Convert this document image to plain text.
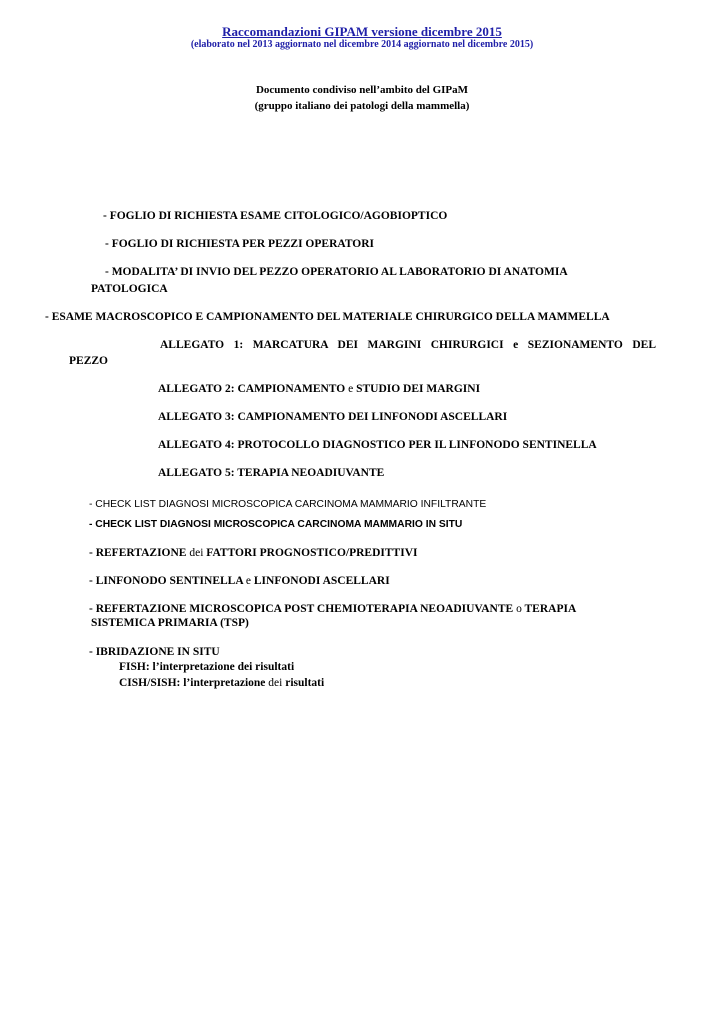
Raccomandazioni GIPAM versione dicembre 2015
(elaborato nel 2013 aggiornato nel dicembre 2014 aggiornato nel dicembre 2015)
Documento condiviso nell’ambito del GIPaM
(gruppo italiano dei patologi della mammella)
- FOGLIO DI RICHIESTA ESAME CITOLOGICO/AGOBIOPTICO
- FOGLIO DI RICHIESTA PER PEZZI OPERATORI
- MODALITA’ DI INVIO DEL PEZZO OPERATORIO AL LABORATORIO DI ANATOMIA
PATOLOGICA
- ESAME MACROSCOPICO E CAMPIONAMENTO DEL MATERIALE CHIRURGICO DELLA MAMMELLA
ALLEGATO 1: MARCATURA DEI MARGINI CHIRURGICI e SEZIONAMENTO DEL
PEZZO
ALLEGATO 2: CAMPIONAMENTO e STUDIO DEI MARGINI
ALLEGATO 3: CAMPIONAMENTO DEI LINFONODI ASCELLARI
ALLEGATO 4: PROTOCOLLO DIAGNOSTICO PER IL LINFONODO SENTINELLA
ALLEGATO 5: TERAPIA NEOADIUVANTE
- CHECK LIST DIAGNOSI MICROSCOPICA CARCINOMA MAMMARIO INFILTRANTE
- CHECK LIST DIAGNOSI MICROSCOPICA CARCINOMA MAMMARIO IN SITU
- REFERTAZIONE dei FATTORI PROGNOSTICO/PREDITTIVI
- LINFONODO SENTINELLA e LINFONODI ASCELLARI
- REFERTAZIONE MICROSCOPICA POST CHEMIOTERAPIA NEOADIUVANTE o TERAPIA
SISTEMICA PRIMARIA (TSP)
- IBRIDAZIONE IN SITU
FISH: l’interpretazione dei risultati
CISH/SISH: l’interpretazione dei risultati
